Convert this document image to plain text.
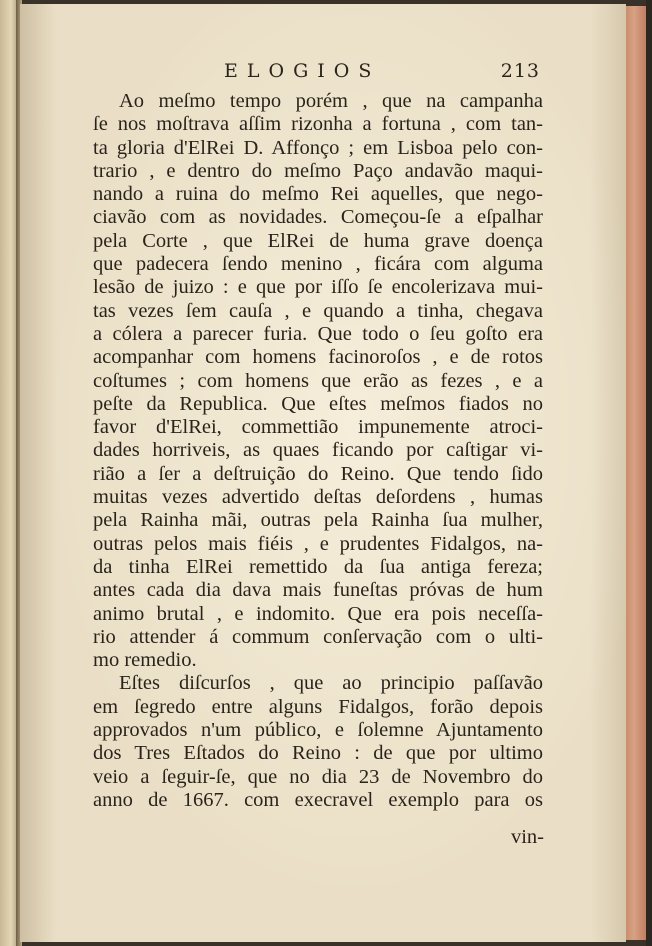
ELOGIOS	213
Ao meſmo tempo porém , que na campanha
ſe nos moſtrava aſſim rizonha a fortuna , com tan-
ta gloria d'ElRei D. Affonço ; em Lisboa pelo con-
trario , e dentro do meſmo Paço andavão maqui-
nando a ruina do meſmo Rei aquelles, que nego-
ciavão com as novidades. Começou-ſe a eſpalhar
pela Corte , que ElRei de huma grave doença
que padecera ſendo menino , ficára com alguma
lesão de juizo : e que por iſſo ſe encolerizava mui-
tas vezes ſem cauſa , e quando a tinha, chegava
a cólera a parecer furia. Que todo o ſeu goſto era
acompanhar com homens facinoroſos , e de rotos
coſtumes ; com homens que erão as fezes , e a
peſte da Republica. Que eſtes meſmos fiados no
favor d'ElRei, commettião impunemente atroci-
dades horriveis, as quaes ficando por caſtigar vi-
rião a ſer a deſtruição do Reino. Que tendo ſido
muitas vezes advertido deſtas deſordens , humas
pela Rainha mãi, outras pela Rainha ſua mulher,
outras pelos mais fiéis , e prudentes Fidalgos, na-
da tinha ElRei remettido da ſua antiga fereza;
antes cada dia dava mais funeſtas próvas de hum
animo brutal , e indomito. Que era pois neceſſa-
rio attender á commum conſervação com o ulti-
mo remedio.
Eſtes diſcurſos , que ao principio paſſavão
em ſegredo entre alguns Fidalgos, forão depois
approvados n'um público, e ſolemne Ajuntamento
dos Tres Eſtados do Reino : de que por ultimo
veio a ſeguir-ſe, que no dia 23 de Novembro do
anno de 1667. com execravel exemplo para os
vin-
